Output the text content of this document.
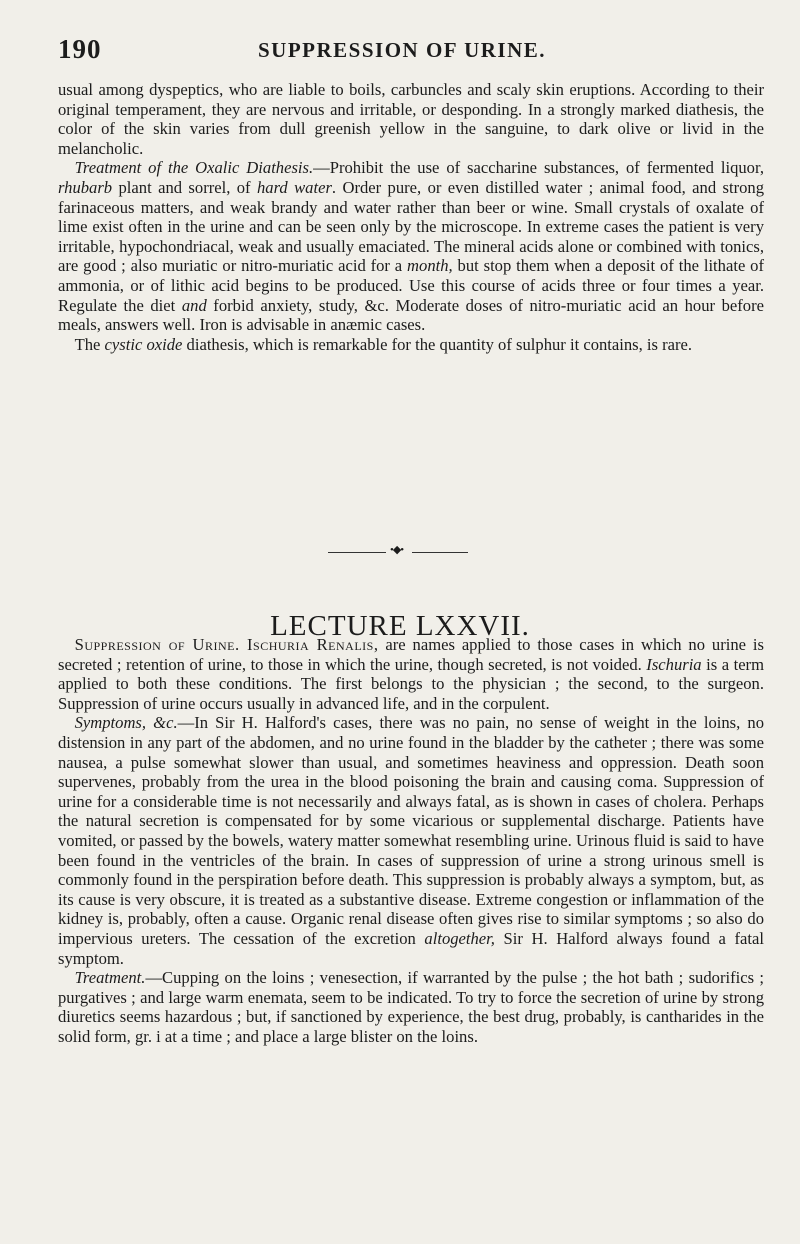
190	SUPPRESSION OF URINE.

usual among dyspeptics, who are liable to boils, carbuncles and scaly skin eruptions. According to their original temperament, they are nervous and irritable, or desponding. In a strongly marked diathesis, the color of the skin varies from dull greenish yellow in the sanguine, to dark olive or livid in the melancholic.

 Treatment of the Oxalic Diathesis.—Prohibit the use of saccharine substances, of fermented liquor, rhubarb plant and sorrel, of hard water. Order pure, or even distilled water ; animal food, and strong farinaceous matters, and weak brandy and water rather than beer or wine. Small crystals of oxalate of lime exist often in the urine and can be seen only by the microscope. In extreme cases the patient is very irritable, hypochondriacal, weak and usually emaciated. The mineral acids alone or combined with tonics, are good ; also muriatic or nitro-muriatic acid for a month, but stop them when a deposit of the lithate of ammonia, or of lithic acid begins to be produced. Use this course of acids three or four times a year. Regulate the diet and forbid anxiety, study, &c. Moderate doses of nitro-muriatic acid an hour before meals, answers well. Iron is advisable in anæmic cases.

 The cystic oxide diathesis, which is remarkable for the quantity of sulphur it contains, is rare.

•◆•
LECTURE LXXVII.

 Suppression of Urine. Ischuria Renalis, are names applied to those cases in which no urine is secreted ; retention of urine, to those in which the urine, though secreted, is not voided. Ischuria is a term applied to both these conditions. The first belongs to the physician ; the second, to the surgeon. Suppression of urine occurs usually in advanced life, and in the corpulent.

 Symptoms, &c.—In Sir H. Halford's cases, there was no pain, no sense of weight in the loins, no distension in any part of the abdomen, and no urine found in the bladder by the catheter ; there was some nausea, a pulse somewhat slower than usual, and sometimes heaviness and oppression. Death soon supervenes, probably from the urea in the blood poisoning the brain and causing coma. Suppression of urine for a considerable time is not necessarily and always fatal, as is shown in cases of cholera. Perhaps the natural secretion is compensated for by some vicarious or supplemental discharge. Patients have vomited, or passed by the bowels, watery matter somewhat resembling urine. Urinous fluid is said to have been found in the ventricles of the brain. In cases of suppression of urine a strong urinous smell is commonly found in the perspiration before death. This suppression is probably always a symptom, but, as its cause is very obscure, it is treated as a substantive disease. Extreme congestion or inflammation of the kidney is, probably, often a cause. Organic renal disease often gives rise to similar symptoms ; so also do impervious ureters. The cessation of the excretion altogether, Sir H. Halford always found a fatal symptom.

 Treatment.—Cupping on the loins ; venesection, if warranted by the pulse ; the hot bath ; sudorifics ; purgatives ; and large warm enemata, seem to be indicated. To try to force the secretion of urine by strong diuretics seems hazardous ; but, if sanctioned by experience, the best drug, probably, is cantharides in the solid form, gr. i at a time ; and place a large blister on the loins.
